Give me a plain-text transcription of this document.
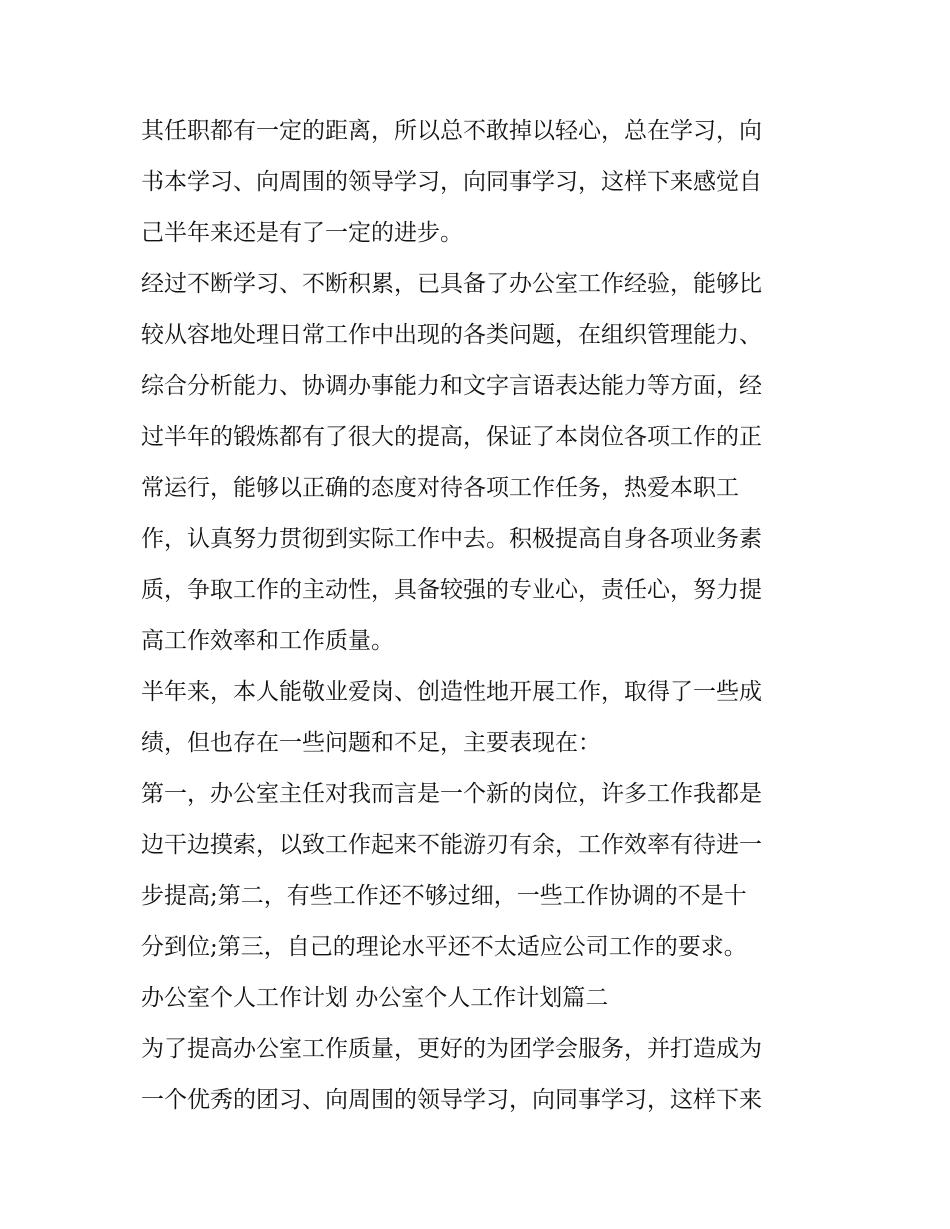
其任职都有一定的距离，所以总不敢掉以轻心，总在学习，向
书本学习、向周围的领导学习，向同事学习，这样下来感觉自
己半年来还是有了一定的进步。
经过不断学习、不断积累，已具备了办公室工作经验，能够比
较从容地处理日常工作中出现的各类问题，在组织管理能力、
综合分析能力、协调办事能力和文字言语表达能力等方面，经
过半年的锻炼都有了很大的提高，保证了本岗位各项工作的正
常运行，能够以正确的态度对待各项工作任务，热爱本职工
作，认真努力贯彻到实际工作中去。积极提高自身各项业务素
质，争取工作的主动性，具备较强的专业心，责任心，努力提
高工作效率和工作质量。
半年来，本人能敬业爱岗、创造性地开展工作，取得了一些成
绩，但也存在一些问题和不足，主要表现在：
第一，办公室主任对我而言是一个新的岗位，许多工作我都是
边干边摸索，以致工作起来不能游刃有余，工作效率有待进一
步提高;第二，有些工作还不够过细，一些工作协调的不是十
分到位;第三，自己的理论水平还不太适应公司工作的要求。
办公室个人工作计划 办公室个人工作计划篇二
为了提高办公室工作质量，更好的为团学会服务，并打造成为
一个优秀的团习、向周围的领导学习，向同事学习，这样下来
